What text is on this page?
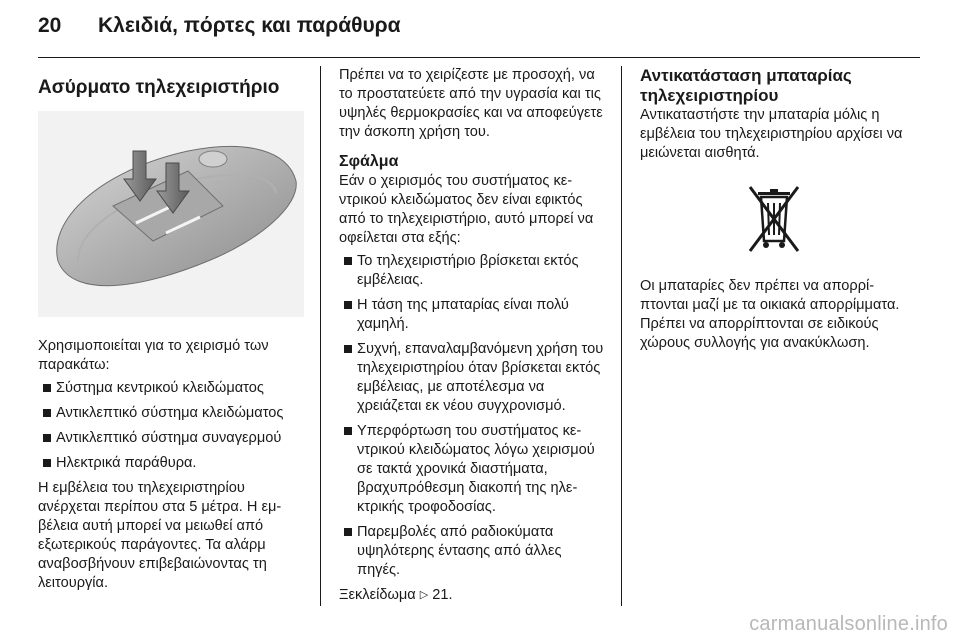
20	Κλειδιά, πόρτες και παράθυρα
Ασύρματο τηλεχειριστήριο

Χρησιμοποιείται για το χειρισμό των παρακάτω:

Σύστημα κεντρικού κλειδώματος
Αντικλεπτικό σύστημα κλειδώματος
Αντικλεπτικό σύστημα συναγερμού
Ηλεκτρικά παράθυρα.

Η εμβέλεια του τηλεχειριστηρίου ανέρχεται περίπου στα 5 μέτρα. Η εμβέλεια αυτή μπορεί να μειωθεί από εξωτερικούς παράγοντες. Τα αλάρμ αναβοσβήνουν επιβεβαιώνοντας τη λειτουργία.

Πρέπει να το χειρίζεστε με προσοχή, να το προστατεύετε από την υγρασία και τις υψηλές θερμοκρασίες και να αποφεύγετε την άσκοπη χρήση του.

Σφάλμα

Εάν ο χειρισμός του συστήματος κεντρικού κλειδώματος δεν είναι εφικτός από το τηλεχειριστήριο, αυτό μπορεί να οφείλεται στα εξής:

Το τηλεχειριστήριο βρίσκεται εκτός εμβέλειας.
Η τάση της μπαταρίας είναι πολύ χαμηλή.
Συχνή, επαναλαμβανόμενη χρήση του τηλεχειριστηρίου όταν βρίσκεται εκτός εμβέλειας, με αποτέλεσμα να χρειάζεται εκ νέου συγχρονισμό.
Υπερφόρτωση του συστήματος κεντρικού κλειδώματος λόγω χειρισμού σε τακτά χρονικά διαστήματα, βραχυπρόθεσμη διακοπή της ηλεκτρικής τροφοδοσίας.
Παρεμβολές από ραδιοκύματα υψηλότερης έντασης από άλλες πηγές.

Ξεκλείδωμα ▷ 21.

Αντικατάσταση μπαταρίας τηλεχειριστηρίου

Αντικαταστήστε την μπαταρία μόλις η εμβέλεια του τηλεχειριστηρίου αρχίσει να μειώνεται αισθητά.

Οι μπαταρίες δεν πρέπει να απορρίπτονται μαζί με τα οικιακά απορρίμματα. Πρέπει να απορρίπτονται σε ειδικούς χώρους συλλογής για ανακύκλωση.

carmanualsonline.info
